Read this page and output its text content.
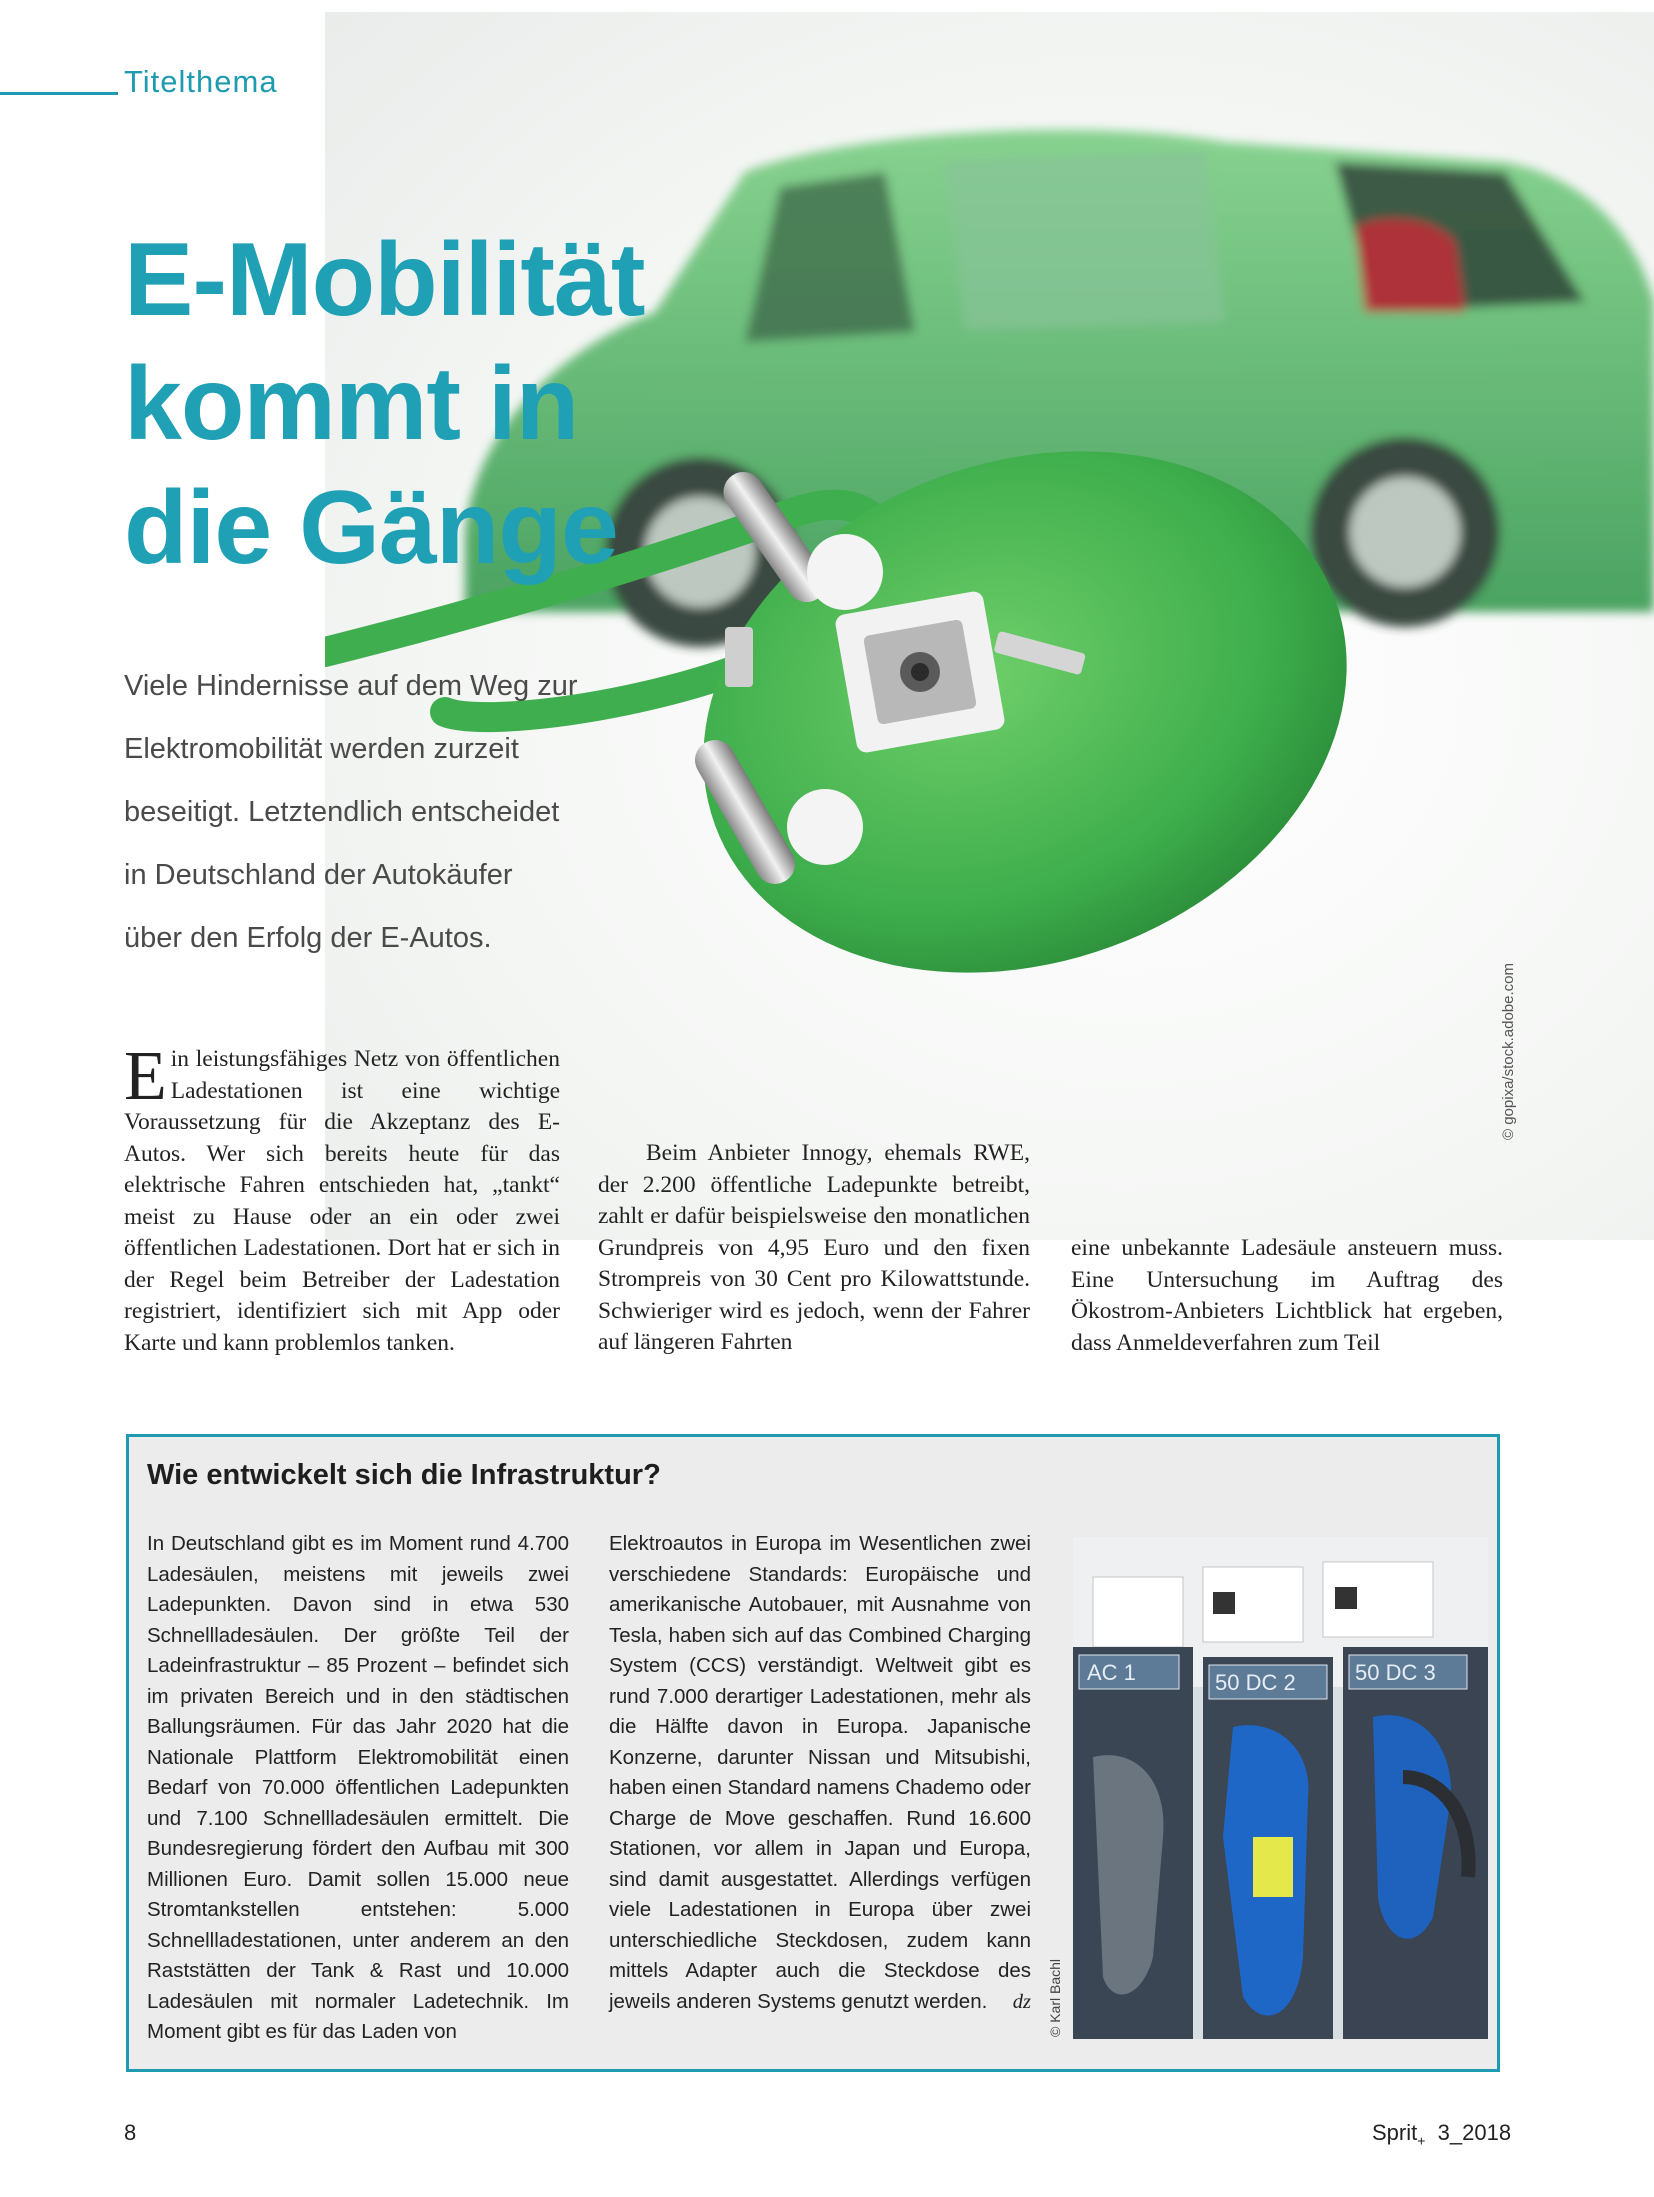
Titelthema
E-Mobilität
kommt in
die Gänge
Viele Hindernisse auf dem Weg zur
Elektromobilität werden zurzeit
beseitigt. Letztendlich entscheidet
in Deutschland der Autokäufer
über den Erfolg der E-Autos.
© gopixa/stock.adobe.com

Ein leistungsfähiges Netz von öffentlichen Ladestationen ist eine wichtige Voraussetzung für die Akzeptanz des E-Autos. Wer sich bereits heute für das elektrische Fahren entschieden hat, „tankt“ meist zu Hause oder an ein oder zwei öffentlichen Ladestationen. Dort hat er sich in der Regel beim Betreiber der Ladestation registriert, identifiziert sich mit App oder Karte und kann problemlos tanken.

Beim Anbieter Innogy, ehemals RWE, der 2.200 öffentliche Ladepunkte betreibt, zahlt er dafür beispielsweise den monatlichen Grundpreis von 4,95 Euro und den fixen Strompreis von 30 Cent pro Kilowattstunde. Schwieriger wird es jedoch, wenn der Fahrer auf längeren Fahrten

eine unbekannte Ladesäule ansteuern muss. Eine Untersuchung im Auftrag des Ökostrom-Anbieters Lichtblick hat ergeben, dass Anmeldeverfahren zum Teil

Wie entwickelt sich die Infrastruktur?

In Deutschland gibt es im Moment rund 4.700 Ladesäulen, meistens mit jeweils zwei Ladepunkten. Davon sind in etwa 530 Schnellladesäulen. Der größte Teil der Ladeinfrastruktur – 85 Prozent – befindet sich im privaten Bereich und in den städtischen Ballungsräumen. Für das Jahr 2020 hat die Nationale Plattform Elektromobilität einen Bedarf von 70.000 öffentlichen Ladepunkten und 7.100 Schnellladesäulen ermittelt. Die Bundesregierung fördert den Aufbau mit 300 Millionen Euro. Damit sollen 15.000 neue Stromtankstellen entstehen: 5.000 Schnellladestationen, unter anderem an den Raststätten der Tank & Rast und 10.000 Ladesäulen mit normaler Ladetechnik. Im Moment gibt es für das Laden von

Elektroautos in Europa im Wesentlichen zwei verschiedene Standards: Europäische und amerikanische Autobauer, mit Ausnahme von Tesla, haben sich auf das Combined Charging System (CCS) verständigt. Weltweit gibt es rund 7.000 derartiger Ladestationen, mehr als die Hälfte davon in Europa. Japanische Konzerne, darunter Nissan und Mitsubishi, haben einen Standard namens Chademo oder Charge de Move geschaffen. Rund 16.600 Stationen, vor allem in Japan und Europa, sind damit ausgestattet. Allerdings verfügen viele Ladestationen in Europa über zwei unterschiedliche Steckdosen, zudem kann mittels Adapter auch die Steckdose des jeweils anderen Systems genutzt werden. dz

AC 1	50 DC 2	50 DC 3
© Karl Bachl
8	Sprit$_+$ 3_2018
